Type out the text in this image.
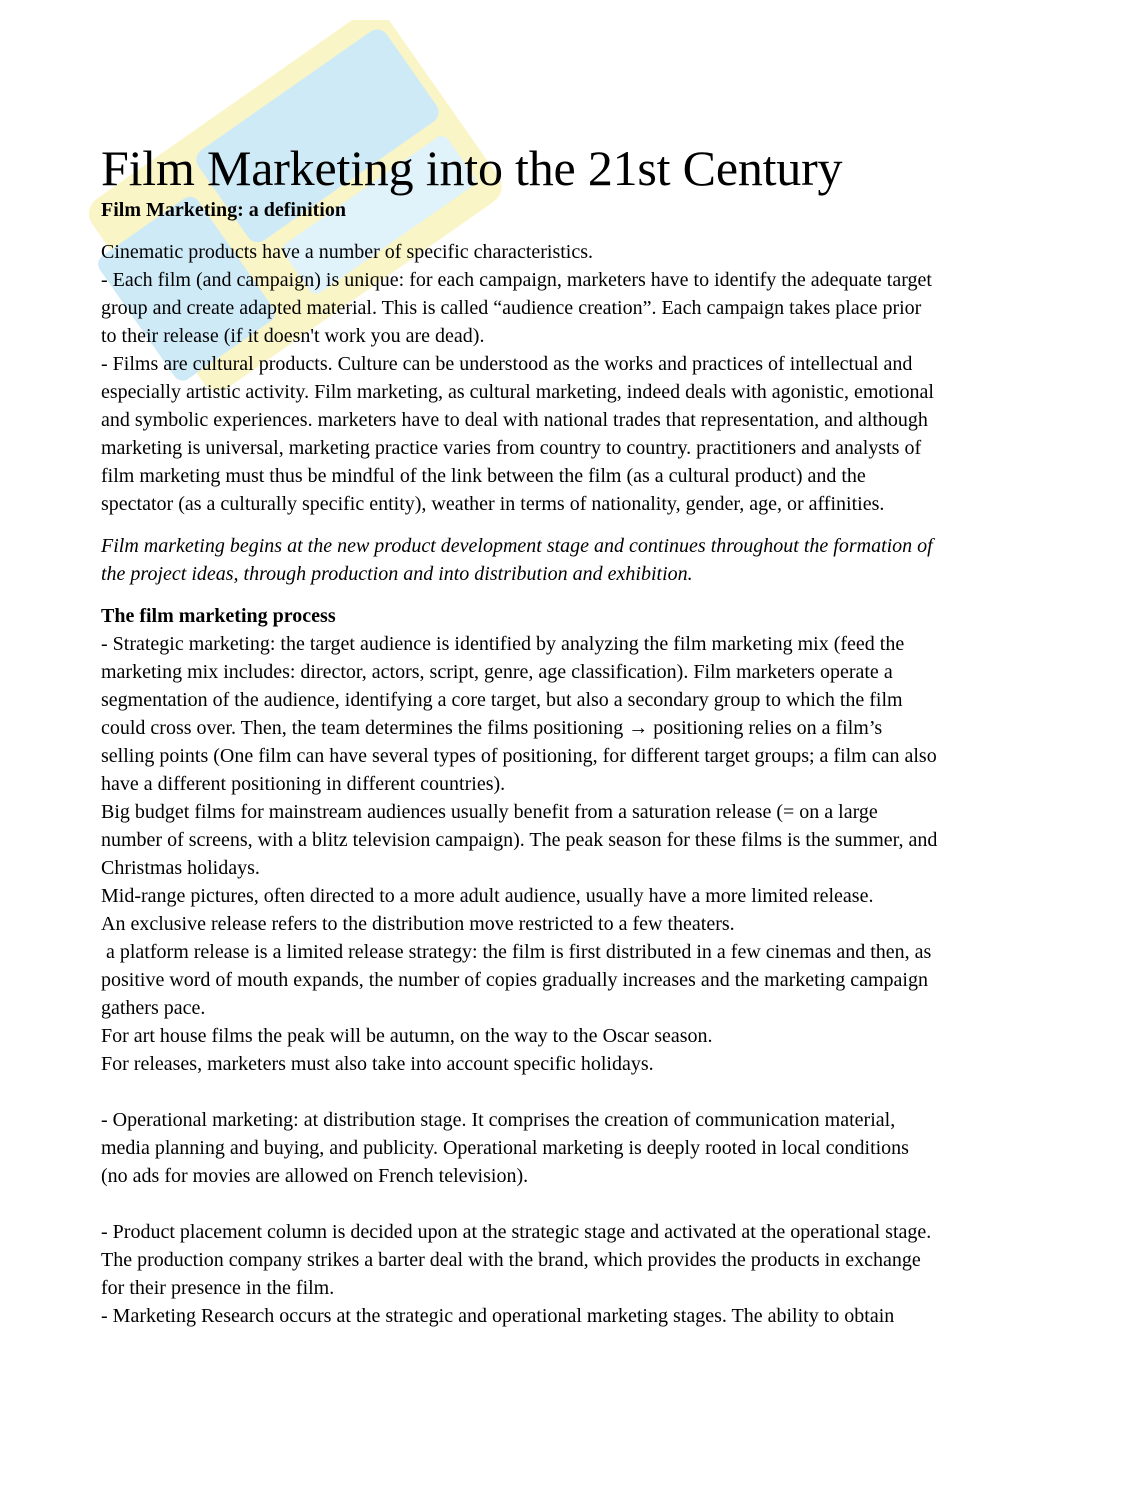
Film Marketing into the 21st Century
Film Marketing: a definition
Cinematic products have a number of specific characteristics.
- Each film (and campaign) is unique: for each campaign, marketers have to identify the adequate target
group and create adapted material. This is called “audience creation”. Each campaign takes place prior
to their release (if it doesn't work you are dead).
- Films are cultural products. Culture can be understood as the works and practices of intellectual and
especially artistic activity. Film marketing, as cultural marketing, indeed deals with agonistic, emotional
and symbolic experiences. marketers have to deal with national trades that representation, and although
marketing is universal, marketing practice varies from country to country. practitioners and analysts of
film marketing must thus be mindful of the link between the film (as a cultural product) and the
spectator (as a culturally specific entity), weather in terms of nationality, gender, age, or affinities.
Film marketing begins at the new product development stage and continues throughout the formation of
the project ideas, through production and into distribution and exhibition.
The film marketing process
- Strategic marketing: the target audience is identified by analyzing the film marketing mix (feed the
marketing mix includes: director, actors, script, genre, age classification). Film marketers operate a
segmentation of the audience, identifying a core target, but also a secondary group to which the film
could cross over. Then, the team determines the films positioning → positioning relies on a film’s
selling points (One film can have several types of positioning, for different target groups; a film can also
have a different positioning in different countries).
Big budget films for mainstream audiences usually benefit from a saturation release (= on a large
number of screens, with a blitz television campaign). The peak season for these films is the summer, and
Christmas holidays.
Mid-range pictures, often directed to a more adult audience, usually have a more limited release.
An exclusive release refers to the distribution move restricted to a few theaters.
a platform release is a limited release strategy: the film is first distributed in a few cinemas and then, as
positive word of mouth expands, the number of copies gradually increases and the marketing campaign
gathers pace.
For art house films the peak will be autumn, on the way to the Oscar season.
For releases, marketers must also take into account specific holidays.
- Operational marketing: at distribution stage. It comprises the creation of communication material,
media planning and buying, and publicity. Operational marketing is deeply rooted in local conditions
(no ads for movies are allowed on French television).
- Product placement column is decided upon at the strategic stage and activated at the operational stage.
The production company strikes a barter deal with the brand, which provides the products in exchange
for their presence in the film.
- Marketing Research occurs at the strategic and operational marketing stages. The ability to obtain
